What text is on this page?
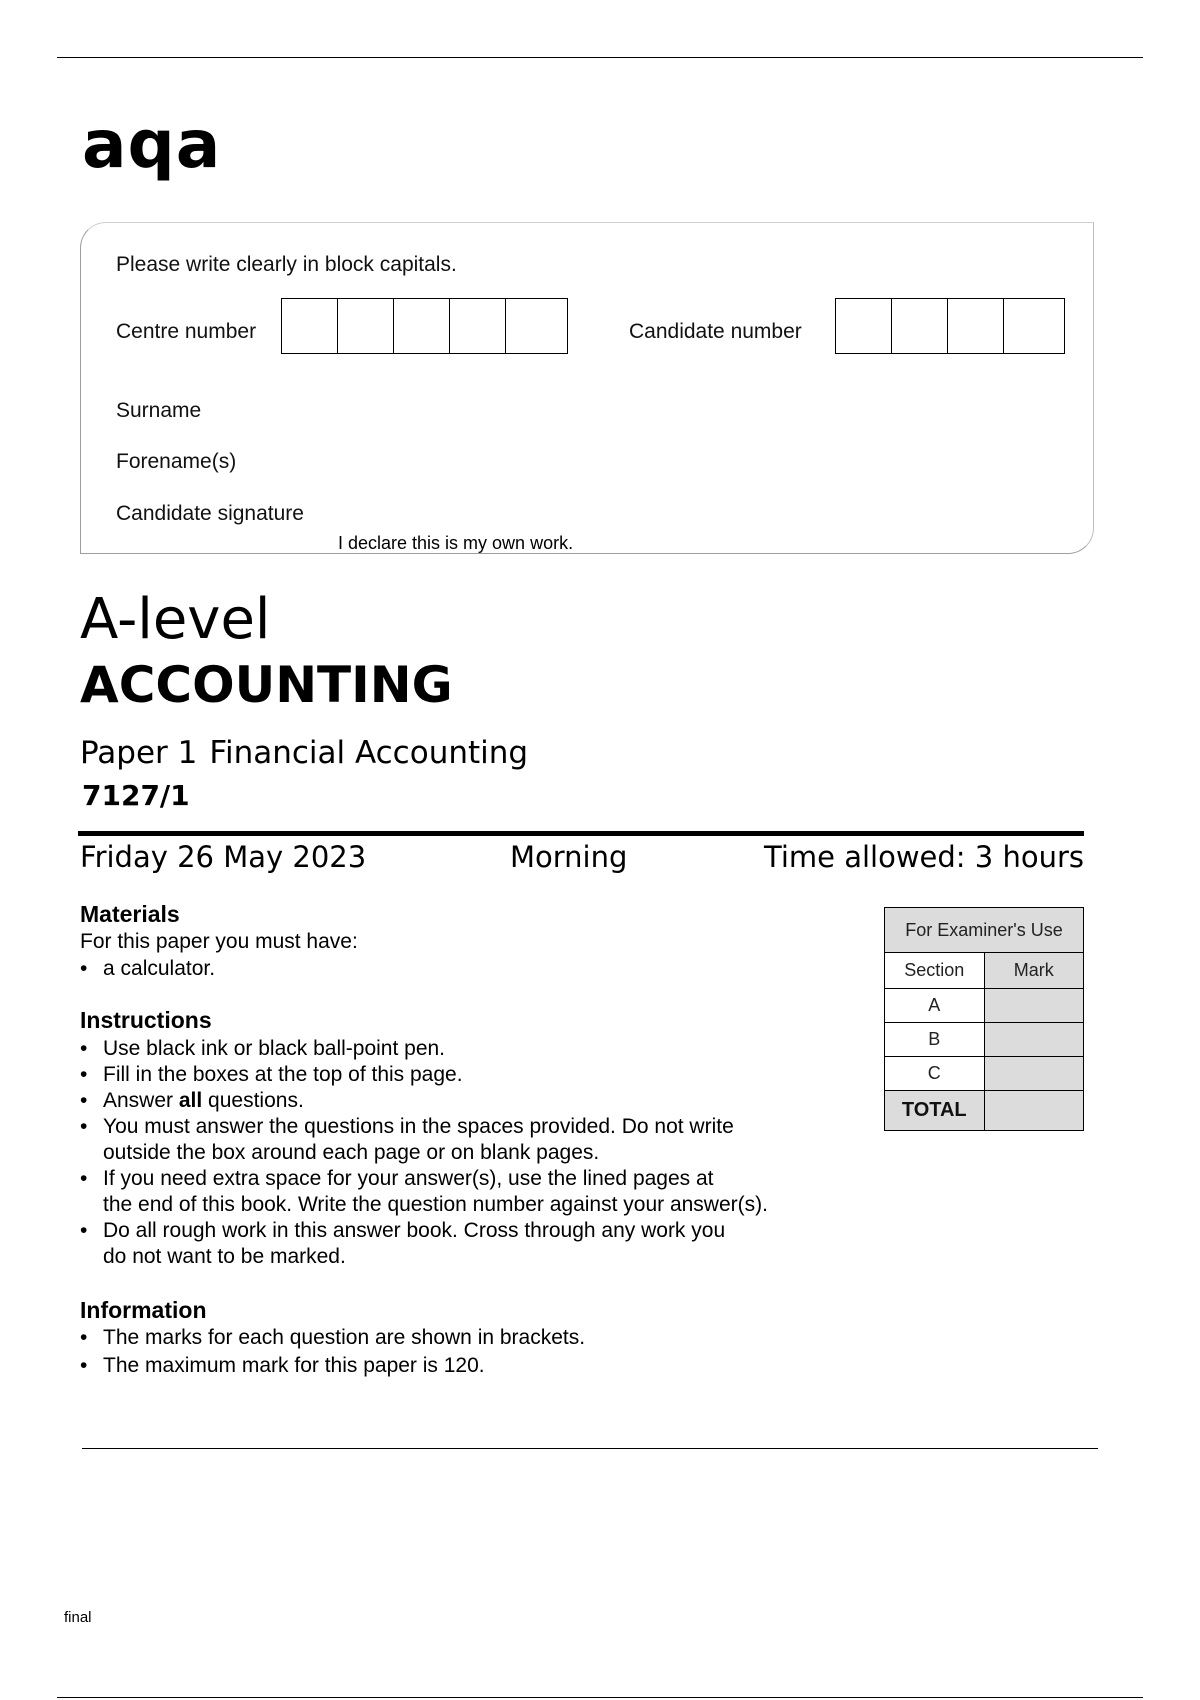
aqa
Please write clearly in block capitals.
Centre number	Candidate number
Surname
Forename(s)
Candidate signature
I declare this is my own work.
A-level
ACCOUNTING
Paper 1 Financial Accounting
7127/1
Friday 26 May 2023	Morning	Time allowed: 3 hours
Materials
For this paper you must have:
• a calculator.
Instructions
• Use black ink or black ball-point pen.
• Fill in the boxes at the top of this page.
• Answer all questions.
• You must answer the questions in the spaces provided. Do not write
outside the box around each page or on blank pages.
• If you need extra space for your answer(s), use the lined pages at
the end of this book. Write the question number against your answer(s).
• Do all rough work in this answer book. Cross through any work you
do not want to be marked.
Information
• The marks for each question are shown in brackets.
• The maximum mark for this paper is 120.
For Examiner's Use	
Section	Mark
A	
B	
C	
TOTAL	
final
